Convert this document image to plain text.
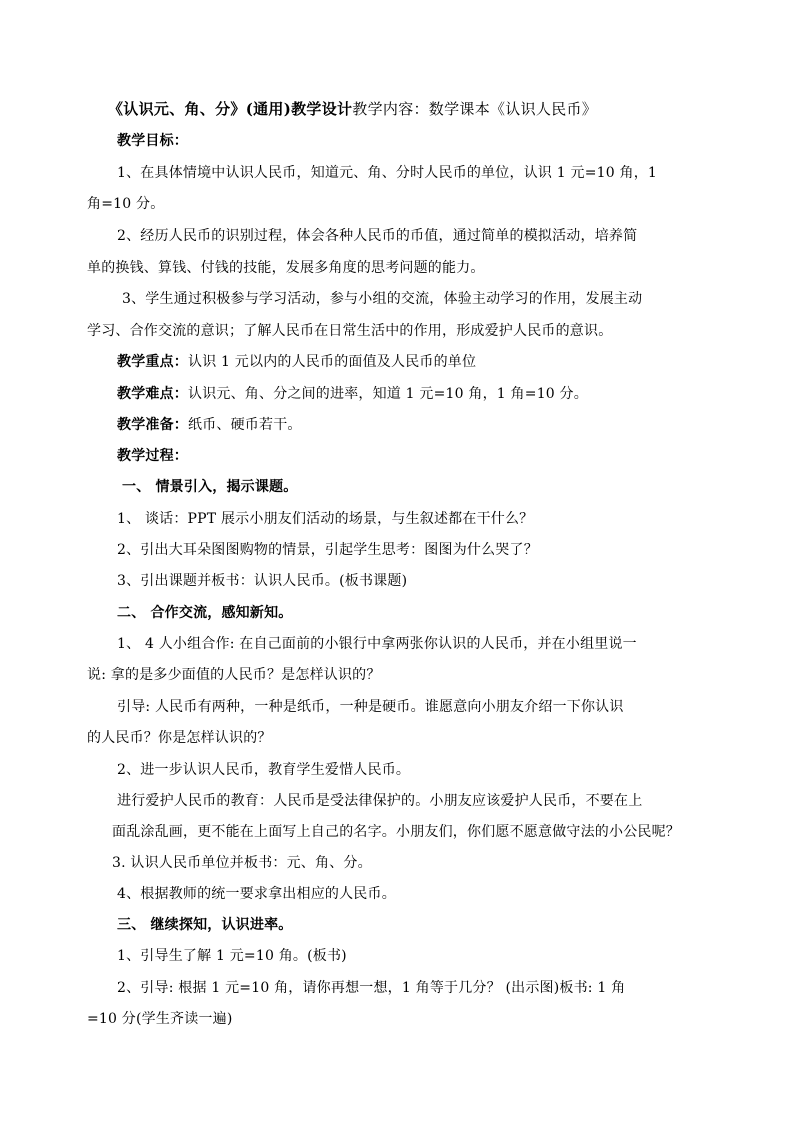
《认识元、角、分》(通用)教学设计教学内容：数学课本《认识人民币》
教学目标：
1、在具体情境中认识人民币，知道元、角、分时人民币的单位，认识 1 元=10 角，1
角=10 分。
2、经历人民币的识别过程，体会各种人民币的币值，通过简单的模拟活动，培养简
单的换钱、算钱、付钱的技能，发展多角度的思考问题的能力。
3、学生通过积极参与学习活动，参与小组的交流，体验主动学习的作用，发展主动
学习、合作交流的意识；了解人民币在日常生活中的作用，形成爱护人民币的意识。
教学重点：认识 1 元以内的人民币的面值及人民币的单位
教学难点：认识元、角、分之间的进率，知道 1 元=10 角，1 角=10 分。
教学准备：纸币、硬币若干。
教学过程：
一、 情景引入，揭示课题。
1、 谈话：PPT 展示小朋友们活动的场景，与生叙述都在干什么？
2、引出大耳朵图图购物的情景，引起学生思考：图图为什么哭了？
3、引出课题并板书：认识人民币。(板书课题)
二、 合作交流，感知新知。
1、 4 人小组合作: 在自己面前的小银行中拿两张你认识的人民币，并在小组里说一
说: 拿的是多少面值的人民币？是怎样认识的？
引导: 人民币有两种，一种是纸币，一种是硬币。谁愿意向小朋友介绍一下你认识
的人民币？你是怎样认识的？
2、进一步认识人民币，教育学生爱惜人民币。
进行爱护人民币的教育：人民币是受法律保护的。小朋友应该爱护人民币，不要在上
面乱涂乱画，更不能在上面写上自己的名字。小朋友们，你们愿不愿意做守法的小公民呢？
3. 认识人民币单位并板书：元、角、分。
4、根据教师的统一要求拿出相应的人民币。
三、 继续探知，认识进率。
1、引导生了解 1 元=10 角。(板书)
2、引导: 根据 1 元=10 角，请你再想一想，1 角等于几分？ (出示图)板书: 1 角
=10 分(学生齐读一遍)
